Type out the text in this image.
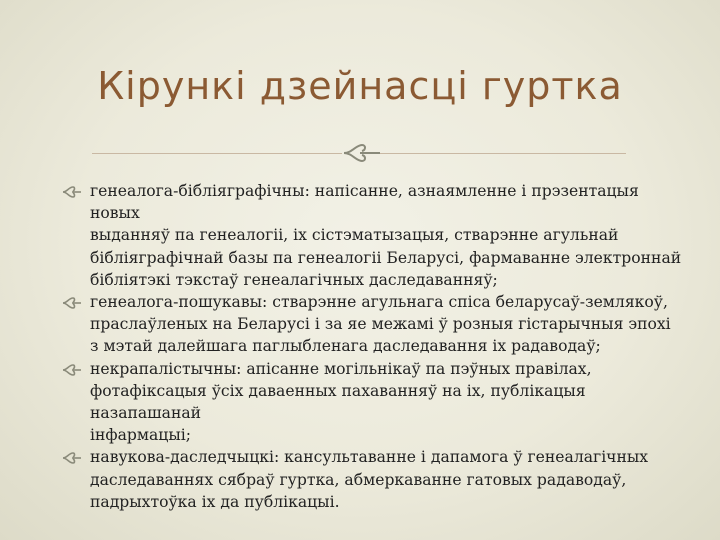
Кірункі дзейнасці гуртка
генеалога-бібліяграфічны: напісанне, азнаямленне і прэзентацыя новых
выданняў па генеалогіі, іх сістэматызацыя, стварэнне агульнай
бібліяграфічнай базы па генеалогіі Беларусі, фармаванне электроннай
бібліятэкі тэкстаў генеалагічных даследаванняў;
генеалога-пошукавы: стварэнне агульнага спіса беларусаў-землякоў,
праслаўленых на Беларусі і за яе межамі ў розныя гістарычныя эпохі
з мэтай далейшага паглыбленага даследавання іх радаводаў;
некрапалістычны: апісанне могільнікаў па пэўных правілах,
фотафіксацыя ўсіх даваенных пахаванняў на іх, публікацыя назапашанай
інфармацыі;
навукова-даследчыцкі: кансультаванне і дапамога ў генеалагічных
даследаваннях сябраў гуртка, абмеркаванне гатовых радаводаў,
падрыхтоўка іх да публікацыі.
